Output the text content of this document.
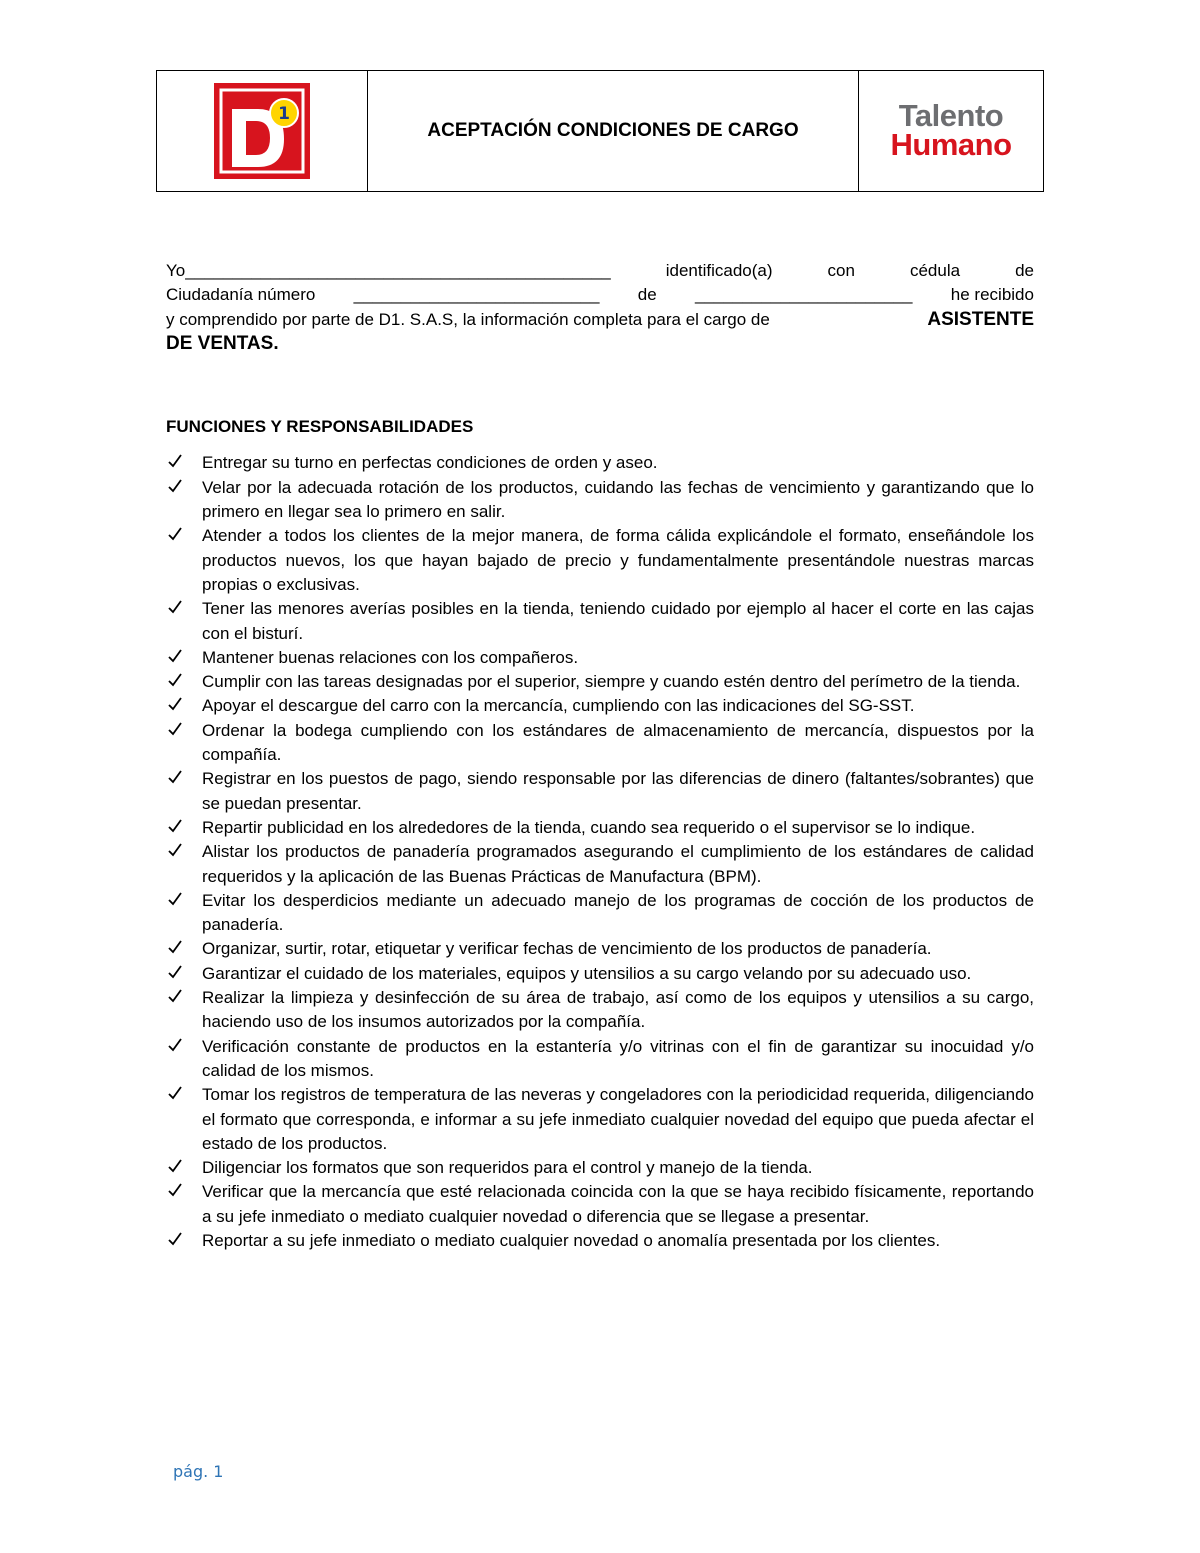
1
ACEPTACIÓN CONDICIONES DE CARGO	Talento
Humano
Yo_____________________________________________	identificado(a)	con	cédula	de
Ciudadanía número __________________________ de _______________________ he recibido
y comprendido por parte de D1. S.A.S, la información completa para el cargo de	ASISTENTE
DE VENTAS.
FUNCIONES Y RESPONSABILIDADES
Entregar su turno en perfectas condiciones de orden y aseo.
Velar por la adecuada rotación de los productos, cuidando las fechas de vencimiento y garantizando que lo primero en llegar sea lo primero en salir.
Atender a todos los clientes de la mejor manera, de forma cálida explicándole el formato, enseñándole los productos nuevos, los que hayan bajado de precio y fundamentalmente presentándole nuestras marcas propias o exclusivas.
Tener las menores averías posibles en la tienda, teniendo cuidado por ejemplo al hacer el corte en las cajas con el bisturí.
Mantener buenas relaciones con los compañeros.
Cumplir con las tareas designadas por el superior, siempre y cuando estén dentro del perímetro de la tienda.
Apoyar el descargue del carro con la mercancía, cumpliendo con las indicaciones del SG-SST.
Ordenar la bodega cumpliendo con los estándares de almacenamiento de mercancía, dispuestos por la compañía.
Registrar en los puestos de pago, siendo responsable por las diferencias de dinero (faltantes/sobrantes) que se puedan presentar.
Repartir publicidad en los alrededores de la tienda, cuando sea requerido o el supervisor se lo indique.
Alistar los productos de panadería programados asegurando el cumplimiento de los estándares de calidad requeridos y la aplicación de las Buenas Prácticas de Manufactura (BPM).
Evitar los desperdicios mediante un adecuado manejo de los programas de cocción de los productos de panadería.
Organizar, surtir, rotar, etiquetar y verificar fechas de vencimiento de los productos de panadería.
Garantizar el cuidado de los materiales, equipos y utensilios a su cargo velando por su adecuado uso.
Realizar la limpieza y desinfección de su área de trabajo, así como de los equipos y utensilios a su cargo, haciendo uso de los insumos autorizados por la compañía.
Verificación constante de productos en la estantería y/o vitrinas con el fin de garantizar su inocuidad y/o calidad de los mismos.
Tomar los registros de temperatura de las neveras y congeladores con la periodicidad requerida, diligenciando el formato que corresponda, e informar a su jefe inmediato cualquier novedad del equipo que pueda afectar el estado de los productos.
Diligenciar los formatos que son requeridos para el control y manejo de la tienda.
Verificar que la mercancía que esté relacionada coincida con la que se haya recibido físicamente, reportando a su jefe inmediato o mediato cualquier novedad o diferencia que se llegase a presentar.
Reportar a su jefe inmediato o mediato cualquier novedad o anomalía presentada por los clientes.
pág. 1
